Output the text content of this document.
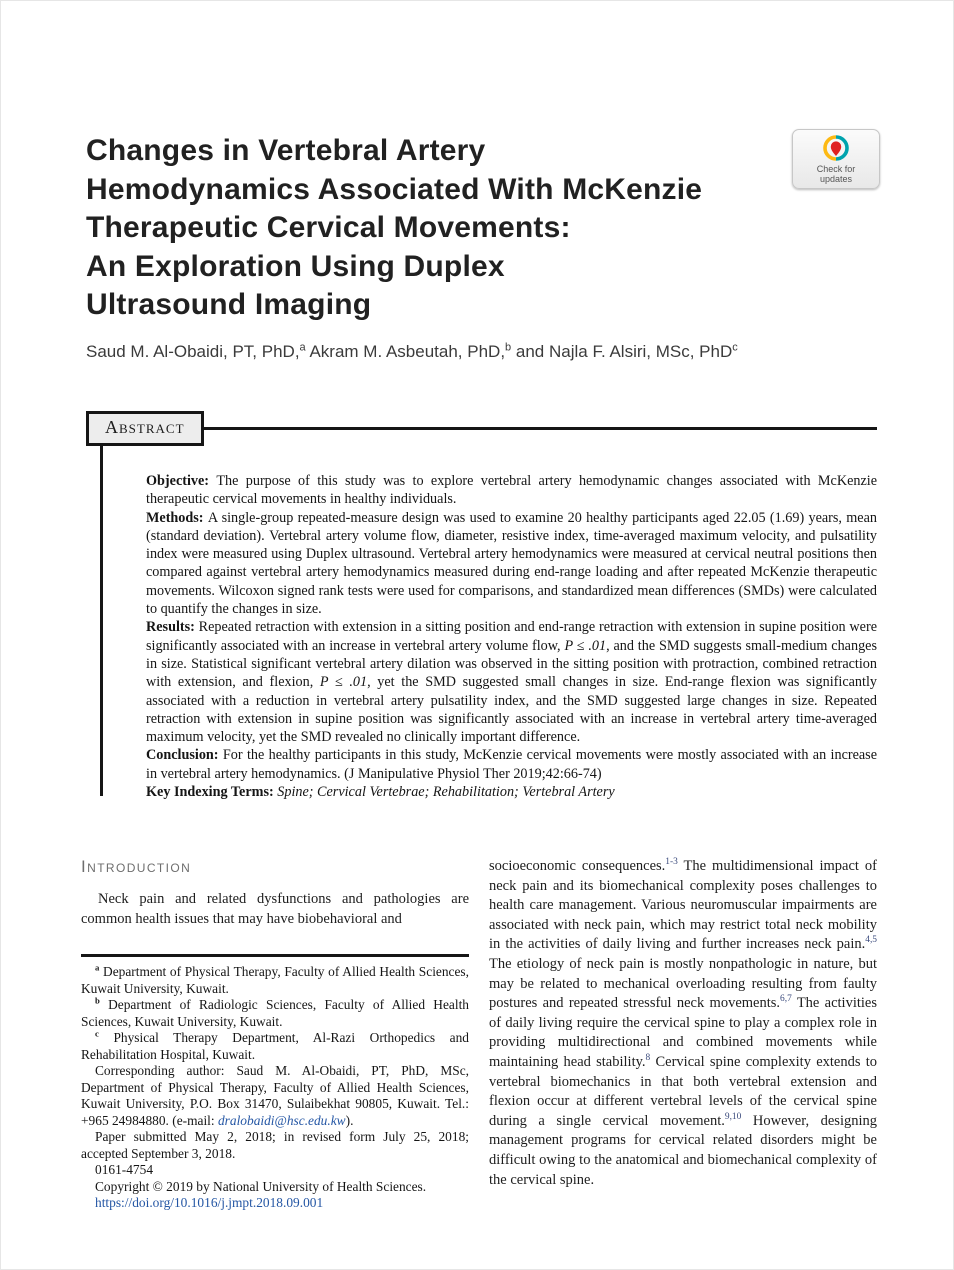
Changes in Vertebral Artery
Hemodynamics Associated With McKenzie
Therapeutic Cervical Movements:
An Exploration Using Duplex
Ultrasound Imaging
Check for
updates
Saud M. Al-Obaidi, PT, PhD,$^a$ Akram M. Asbeutah, PhD,$^b$ and Najla F. Alsiri, MSc, PhD$^c$
Abstract

Objective: The purpose of this study was to explore vertebral artery hemodynamic changes associated with McKenzie therapeutic cervical movements in healthy individuals.

Methods: A single-group repeated-measure design was used to examine 20 healthy participants aged 22.05 (1.69) years, mean (standard deviation). Vertebral artery volume flow, diameter, resistive index, time-averaged maximum velocity, and pulsatility index were measured using Duplex ultrasound. Vertebral artery hemodynamics were measured at cervical neutral positions then compared against vertebral artery hemodynamics measured during end-range loading and after repeated McKenzie therapeutic movements. Wilcoxon signed rank tests were used for comparisons, and standardized mean differences (SMDs) were calculated to quantify the changes in size.

Results: Repeated retraction with extension in a sitting position and end-range retraction with extension in supine position were significantly associated with an increase in vertebral artery volume flow, P ≤ .01, and the SMD suggests small-medium changes in size. Statistical significant vertebral artery dilation was observed in the sitting position with protraction, combined retraction with extension, and flexion, P ≤ .01, yet the SMD suggested small changes in size. End-range flexion was significantly associated with a reduction in vertebral artery pulsatility index, and the SMD suggested large changes in size. Repeated retraction with extension in supine position was significantly associated with an increase in vertebral artery time-averaged maximum velocity, yet the SMD revealed no clinically important difference.

Conclusion: For the healthy participants in this study, McKenzie cervical movements were mostly associated with an increase in vertebral artery hemodynamics. (J Manipulative Physiol Ther 2019;42:66-74)

Key Indexing Terms: Spine; Cervical Vertebrae; Rehabilitation; Vertebral Artery

Introduction

Neck pain and related dysfunctions and pathologies are common health issues that may have biobehavioral and

$^a$ Department of Physical Therapy, Faculty of Allied Health Sciences, Kuwait University, Kuwait.

$^b$ Department of Radiologic Sciences, Faculty of Allied Health Sciences, Kuwait University, Kuwait.

$^c$ Physical Therapy Department, Al-Razi Orthopedics and Rehabilitation Hospital, Kuwait.

Corresponding author: Saud M. Al-Obaidi, PT, PhD, MSc, Department of Physical Therapy, Faculty of Allied Health Sciences, Kuwait University, P.O. Box 31470, Sulaibekhat 90805, Kuwait. Tel.: +965 24984880. (e-mail: dralobaidi@hsc.edu.kw).

Paper submitted May 2, 2018; in revised form July 25, 2018; accepted September 3, 2018.

0161-4754

Copyright © 2019 by National University of Health Sciences.

https://doi.org/10.1016/j.jmpt.2018.09.001

socioeconomic consequences.$^{1-3}$ The multidimensional impact of neck pain and its biomechanical complexity poses challenges to health care management. Various neuromuscular impairments are associated with neck pain, which may restrict total neck mobility in the activities of daily living and further increases neck pain.$^{4,5}$ The etiology of neck pain is mostly nonpathologic in nature, but may be related to mechanical overloading resulting from faulty postures and repeated stressful neck movements.$^{6,7}$ The activities of daily living require the cervical spine to play a complex role in providing multidirectional and combined movements while maintaining head stability.$^8$ Cervical spine complexity extends to vertebral biomechanics in that both vertebral extension and flexion occur at different vertebral levels of the cervical spine during a single cervical movement.$^{9,10}$ However, designing management programs for cervical related disorders might be difficult owing to the anatomical and biomechanical complexity of the cervical spine.
